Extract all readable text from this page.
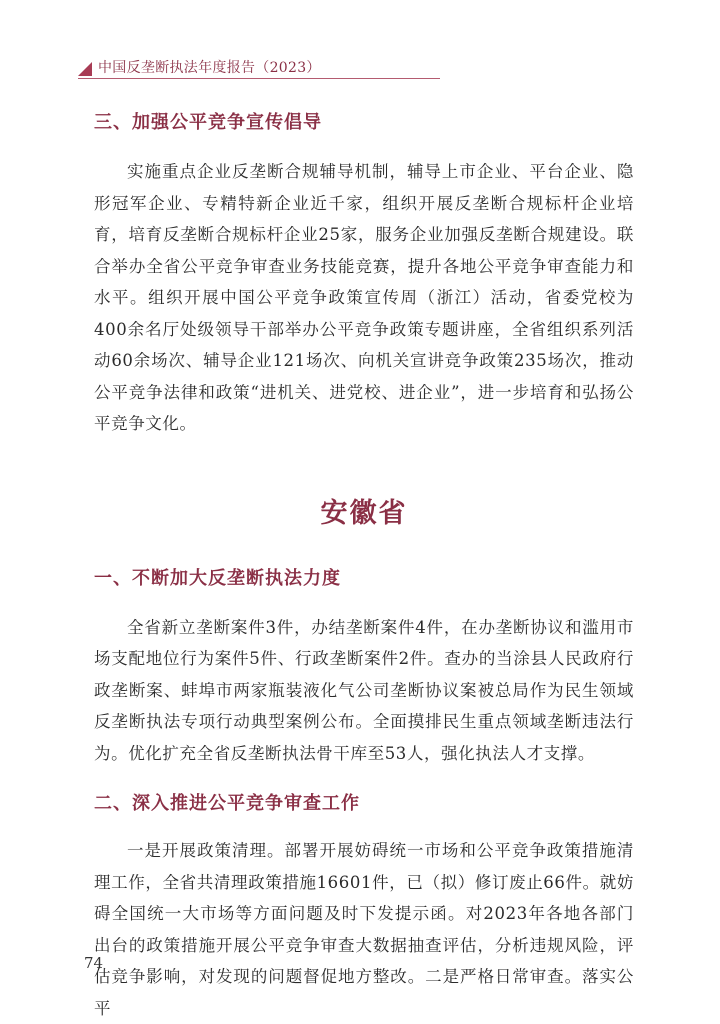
中国反垄断执法年度报告（2023）
三、加强公平竞争宣传倡导

实施重点企业反垄断合规辅导机制，辅导上市企业、平台企业、隐形冠军企业、专精特新企业近千家，组织开展反垄断合规标杆企业培育，培育反垄断合规标杆企业25家，服务企业加强反垄断合规建设。联合举办全省公平竞争审查业务技能竞赛，提升各地公平竞争审查能力和水平。组织开展中国公平竞争政策宣传周（浙江）活动，省委党校为400余名厅处级领导干部举办公平竞争政策专题讲座，全省组织系列活动60余场次、辅导企业121场次、向机关宣讲竞争政策235场次，推动公平竞争法律和政策“进机关、进党校、进企业”，进一步培育和弘扬公平竞争文化。

安徽省
一、不断加大反垄断执法力度

全省新立垄断案件3件，办结垄断案件4件，在办垄断协议和滥用市场支配地位行为案件5件、行政垄断案件2件。查办的当涂县人民政府行政垄断案、蚌埠市两家瓶装液化气公司垄断协议案被总局作为民生领域反垄断执法专项行动典型案例公布。全面摸排民生重点领域垄断违法行为。优化扩充全省反垄断执法骨干库至53人，强化执法人才支撑。

二、深入推进公平竞争审查工作

一是开展政策清理。部署开展妨碍统一市场和公平竞争政策措施清理工作，全省共清理政策措施16601件，已（拟）修订废止66件。就妨碍全国统一大市场等方面问题及时下发提示函。对2023年各地各部门出台的政策措施开展公平竞争审查大数据抽查评估，分析违规风险，评估竞争影响，对发现的问题督促地方整改。二是严格日常审查。落实公平

74
